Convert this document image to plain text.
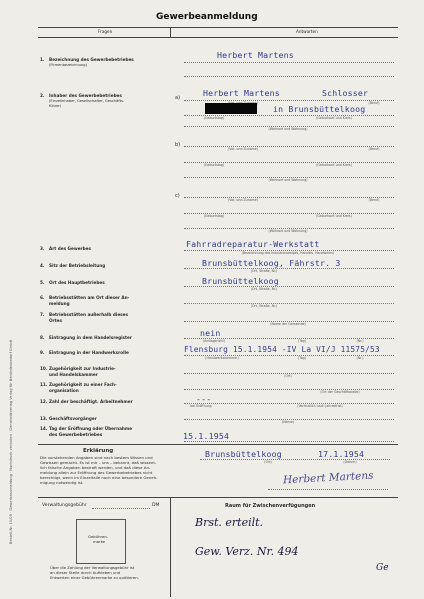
Gewerbeanmeldung
Fragen	Antworten
Bestell-Nr. 10/09 · Gewerbeanmeldung · Nachdruck verboten · Gemeindeverlag Verlag für Behördenbedarf GmbH
1. Bezeichnung des Gewerbebetriebes
(Firmenbezeichnung)
Herbert Martens
2. Inhaber des Gewerbebetriebes
(Einzelinhaber, Gesellschafter, Geschäfts-
führer)
a)	Herbert Martens	Schlosser
(Beruf)
in Brunsbüttelkoog
(Geburtstag)	(Geburtsort und Kreis)
(Wohnort und Wohnung)
b)
(Vor- und Zuname)	(Beruf)
(Geburtstag)	(Geburtsort und Kreis)
(Wohnort und Wohnung)
c)
(Vor- und Zuname)	(Beruf)
(Geburtstag)	(Geburtsort und Kreis)
(Wohnort und Wohnung)
3. Art des Gewerbes	Fahrradreparatur-Werkstatt
(Bezeichnung des Industriezweiges, Handels, Handwerks)
4. Sitz der Betriebsleitung	Brunsbüttelkoog, Fährstr. 3
(Ort, Straße, Nr.)
5. Ort des Hauptbetriebes	Brunsbüttelkoog
(Ort, Straße, Nr.)
6. Betriebsstätten am Ort dieser An-
meldung	(Ort, Straße, Nr.)
7. Betriebsstätten außerhalb dieses
Ortes
(Name der Gemeinde)
8. Eintragung in dem Handelsregister	nein
(Amtsgericht)	(Tag)	(Nr.)
9. Eintragung in der Handwerksrolle	Flensburg 15.1.1954 -IV La VI/J 11575/53
(Handwerkskammer)	(Tag)	(Nr.)
10. Zugehörigkeit zur Industrie-
und Handelskammer	(Ort)
11. Zugehörigkeit zu einer Fach-
organisation	(Ort der Geschäftsstelle)
12. Zahl der beschäftigt. Arbeitnehmer	---
bei Eröffnung	(Vermutlich nach Jahresfrist)
13. Geschäftsvorgänger
(Name)
14. Tag der Eröffnung oder Übernahme
des Gewerbebetriebes	15.1.1954
Erklärung
Die vorstehenden Angaben sind nach bestem Wissen und
Gewissen gemacht. Es ist mir – uns – bekannt, daß wissent-
lich falsche Angaben bestraft werden, und daß diese An-
meldung allein zur Eröffnung des Gewerbebetriebes nicht
berechtigt, wenn im Einzelfalle noch eine besondere Geneh-
migung notwendig ist.
Brunsbüttelkoog	17.1.1954
(Ort)	(Datum)
Herbert Martens
Verwaltungsgebühr	DM	Raum für Zwischenverfügungen
Gebühren-
marke
Über die Zahlung der Verwaltungsgebühr ist
an dieser Stelle durch Aufkleben und
Entwerten einer Gebührenmarke zu quittieren.
Brst. erteilt.
Gew. Verz. Nr. 494
Ge
